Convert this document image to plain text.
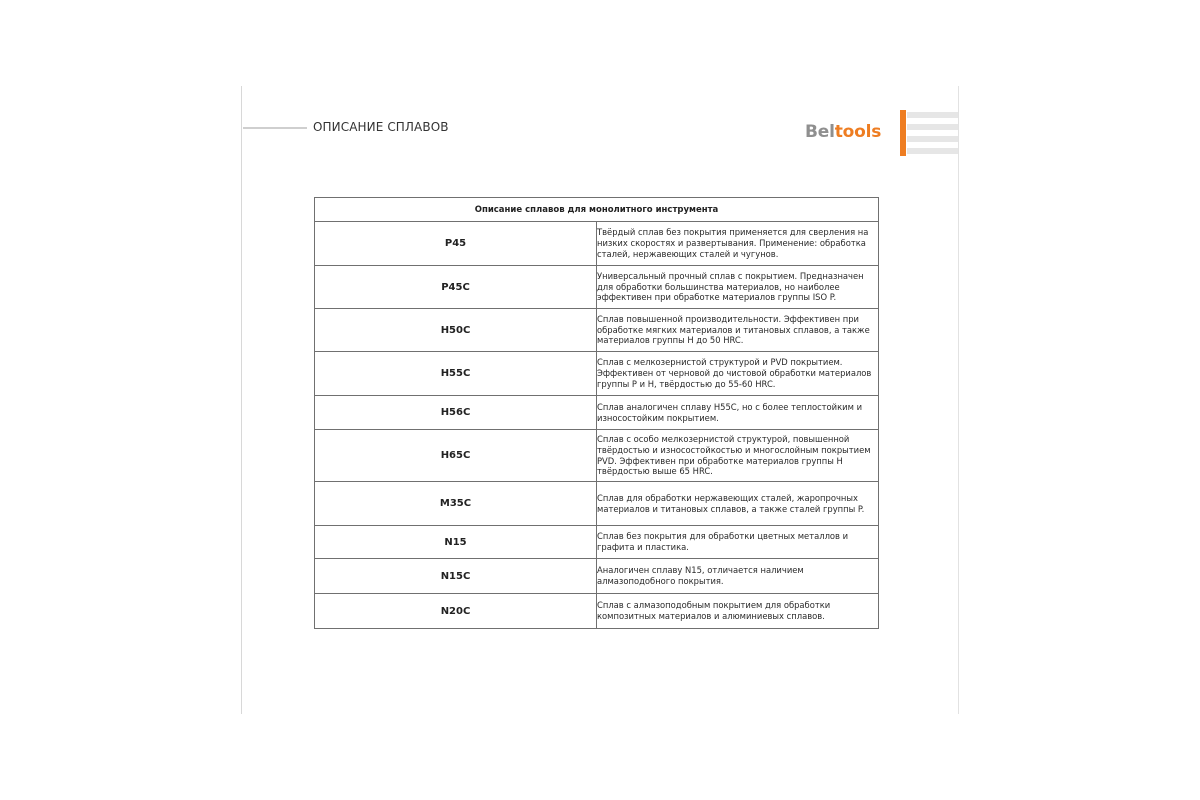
ОПИСАНИЕ СПЛАВОВ	Beltools
Описание сплавов для монолитного инструмента	
P45	Твёрдый сплав без покрытия применяется для сверления на низких скоростях и развертывания. Применение: обработка сталей, нержавеющих сталей и чугунов.
P45C	Универсальный прочный сплав с покрытием. Предназначен для обработки большинства материалов, но наиболее эффективен при обработке материалов группы ISO P.
H50C	Сплав повышенной производительности. Эффективен при обработке мягких материалов и титановых сплавов, а также материалов группы H до 50 HRC.
H55C	Сплав с мелкозернистой структурой и PVD покрытием. Эффективен от черновой до чистовой обработки материалов группы P и H, твёрдостью до 55-60 HRC.
H56C	Сплав аналогичен сплаву H55C, но с более теплостойким и износостойким покрытием.
H65C	Сплав с особо мелкозернистой структурой, повышенной твёрдостью и износостойкостью и многослойным покрытием PVD. Эффективен при обработке материалов группы H твёрдостью выше 65 HRC.
M35C	Сплав для обработки нержавеющих сталей, жаропрочных материалов и титановых сплавов, а также сталей группы P.
N15	Сплав без покрытия для обработки цветных металлов и графита и пластика.
N15C	Аналогичен сплаву N15, отличается наличием алмазоподобного покрытия.
N20C	Сплав с алмазоподобным покрытием для обработки композитных материалов и алюминиевых сплавов.
